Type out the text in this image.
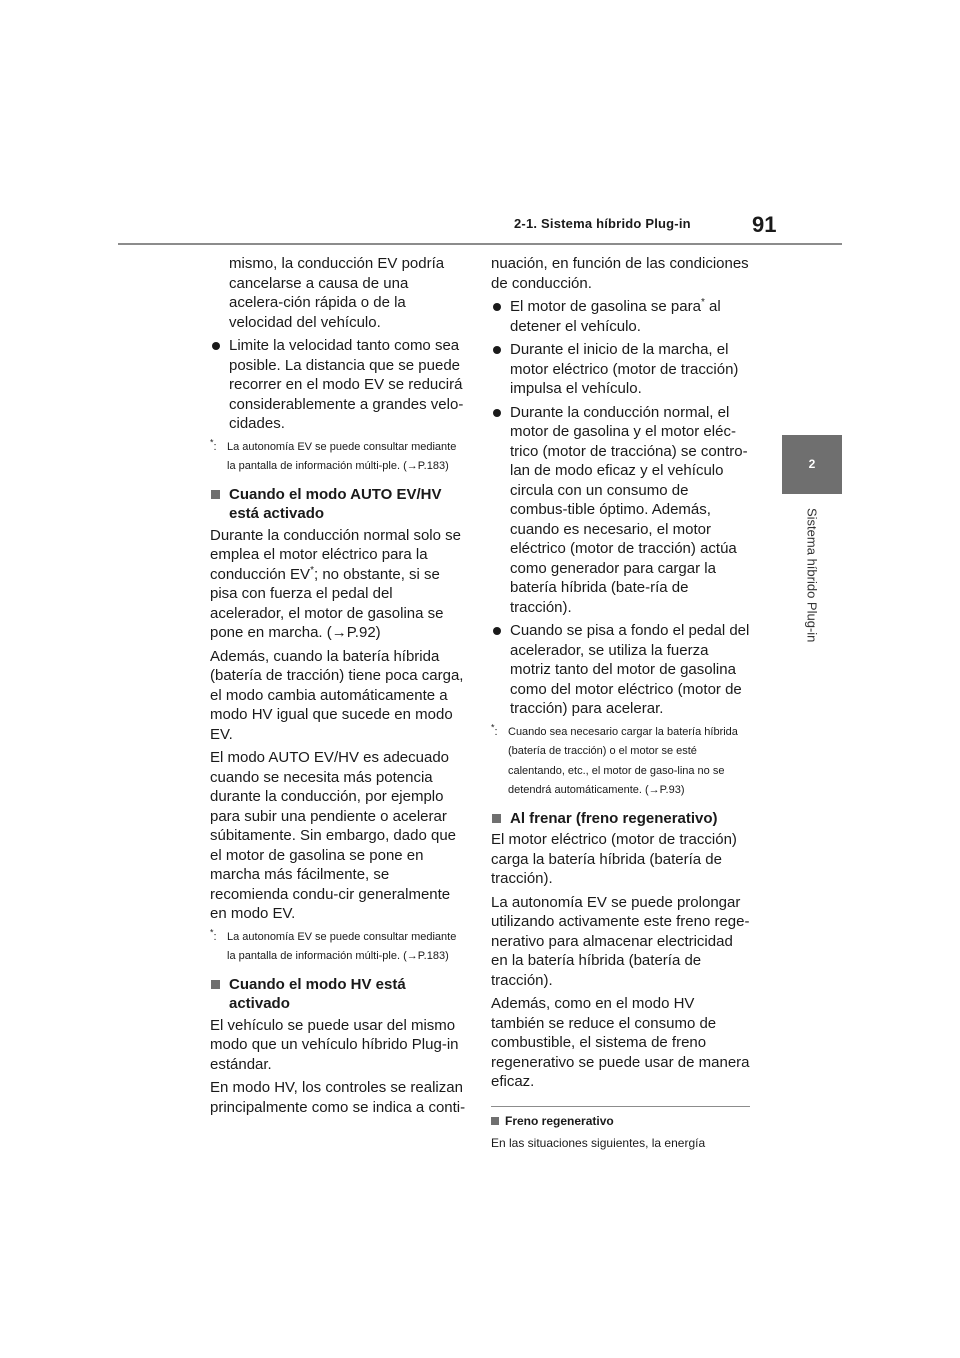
2-1. Sistema híbrido Plug-in	91
2
Sistema híbrido Plug-in

mismo, la conducción EV podría cancelarse a causa de una acelera-ción rápida o de la velocidad del vehículo.

Limite la velocidad tanto como sea posible. La distancia que se puede recorrer en el modo EV se reducirá considerablemente a grandes velo-cidades.
*: La autonomía EV se puede consultar mediante la pantalla de información múlti-ple. (→P.183)
Cuando el modo AUTO EV/HV está activado

Durante la conducción normal solo se emplea el motor eléctrico para la conducción EV*; no obstante, si se pisa con fuerza el pedal del acelerador, el motor de gasolina se pone en marcha. (→P.92)

Además, cuando la batería híbrida (batería de tracción) tiene poca carga, el modo cambia automáticamente a modo HV igual que sucede en modo EV.

El modo AUTO EV/HV es adecuado cuando se necesita más potencia durante la conducción, por ejemplo para subir una pendiente o acelerar súbitamente. Sin embargo, dado que el motor de gasolina se pone en marcha más fácilmente, se recomienda condu-cir generalmente en modo EV.

*: La autonomía EV se puede consultar mediante la pantalla de información múlti-ple. (→P.183)
Cuando el modo HV está activado

El vehículo se puede usar del mismo modo que un vehículo híbrido Plug-in estándar.

En modo HV, los controles se realizan principalmente como se indica a conti-

nuación, en función de las condiciones de conducción.

El motor de gasolina se para* al detener el vehículo.
Durante el inicio de la marcha, el motor eléctrico (motor de tracción) impulsa el vehículo.
Durante la conducción normal, el motor de gasolina y el motor eléc-trico (motor de tracciónа) se contro-lan de modo eficaz y el vehículo circula con un consumo de combus-tible óptimo. Además, cuando es necesario, el motor eléctrico (motor de tracción) actúa como generador para cargar la batería híbrida (bate-ría de tracción).
Cuando se pisa a fondo el pedal del acelerador, se utiliza la fuerza motriz tanto del motor de gasolina como del motor eléctrico (motor de tracción) para acelerar.
*: Cuando sea necesario cargar la batería híbrida (batería de tracción) o el motor se esté calentando, etc., el motor de gaso-lina no se detendrá automáticamente. (→P.93)
Al frenar (freno regenerativo)

El motor eléctrico (motor de tracción) carga la batería híbrida (batería de tracción).

La autonomía EV se puede prolongar utilizando activamente este freno rege-nerativo para almacenar electricidad en la batería híbrida (batería de tracción).

Además, como en el modo HV también se reduce el consumo de combustible, el sistema de freno regenerativo se puede usar de manera eficaz.

Freno regenerativo

En las situaciones siguientes, la energía
